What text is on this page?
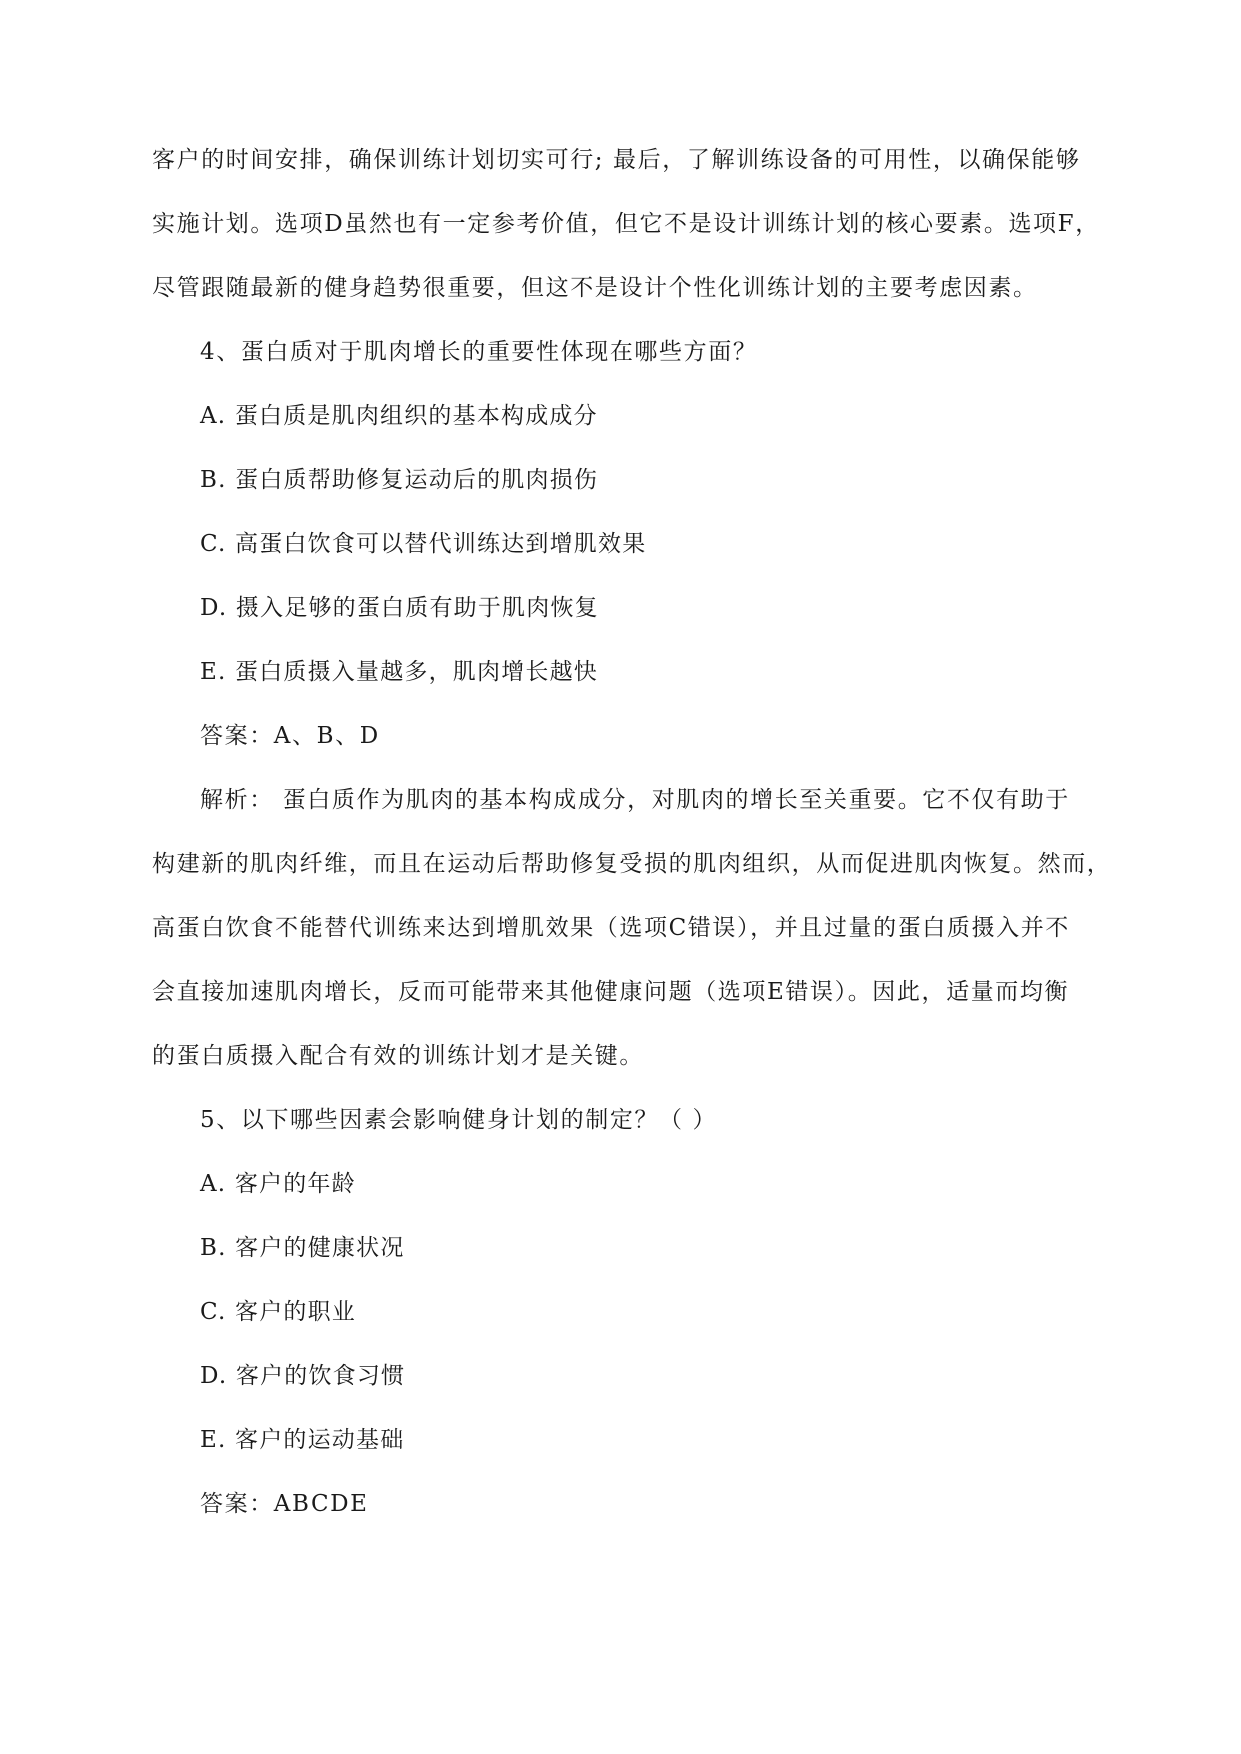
客户的时间安排，确保训练计划切实可行; 最后，了解训练设备的可用性，以确保能够
实施计划。选项D虽然也有一定参考价值，但它不是设计训练计划的核心要素。选项F，
尽管跟随最新的健身趋势很重要，但这不是设计个性化训练计划的主要考虑因素。
4、蛋白质对于肌肉增长的重要性体现在哪些方面？
A. 蛋白质是肌肉组织的基本构成成分
B. 蛋白质帮助修复运动后的肌肉损伤
C. 高蛋白饮食可以替代训练达到增肌效果
D. 摄入足够的蛋白质有助于肌肉恢复
E. 蛋白质摄入量越多，肌肉增长越快
答案：A、B、D
解析： 蛋白质作为肌肉的基本构成成分，对肌肉的增长至关重要。它不仅有助于
构建新的肌肉纤维，而且在运动后帮助修复受损的肌肉组织，从而促进肌肉恢复。然而，
高蛋白饮食不能替代训练来达到增肌效果（选项C错误），并且过量的蛋白质摄入并不
会直接加速肌肉增长，反而可能带来其他健康问题（选项E错误）。因此，适量而均衡
的蛋白质摄入配合有效的训练计划才是关键。
5、以下哪些因素会影响健身计划的制定？（ ）
A. 客户的年龄
B. 客户的健康状况
C. 客户的职业
D. 客户的饮食习惯
E. 客户的运动基础
答案：ABCDE
